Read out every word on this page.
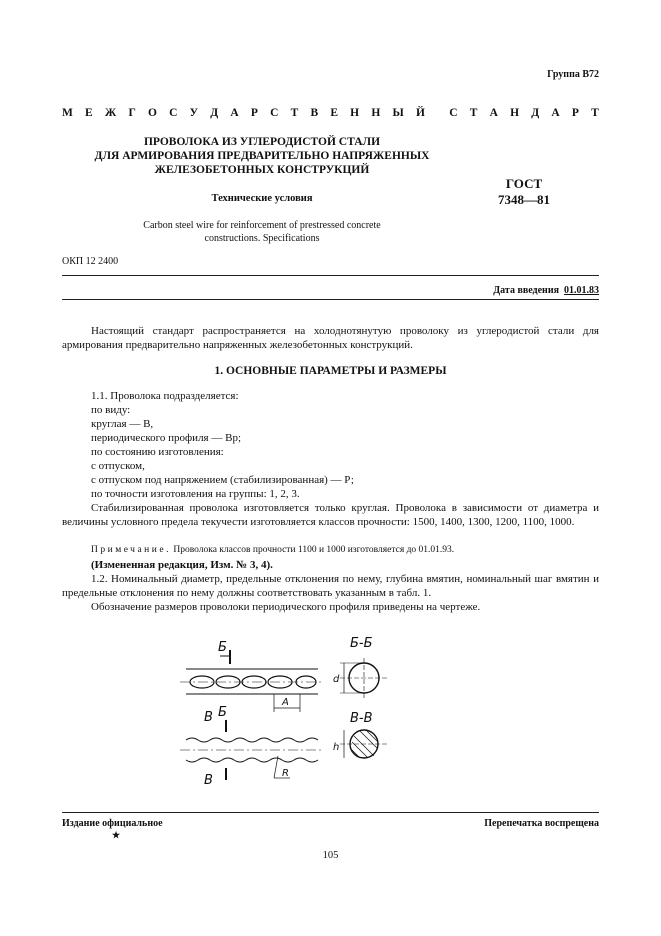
Группа В72
М Е Ж Г О С У Д А Р С Т В Е Н Н Ы Й С Т А Н Д А Р Т
ПРОВОЛОКА ИЗ УГЛЕРОДИСТОЙ СТАЛИ
ДЛЯ АРМИРОВАНИЯ ПРЕДВАРИТЕЛЬНО НАПРЯЖЕННЫХ
ЖЕЛЕЗОБЕТОННЫХ КОНСТРУКЦИЙ
Технические условия
ГОСТ
7348—81
Carbon steel wire for reinforcement of prestressed concrete
constructions. Specifications
ОКП 12 2400
Дата введения 01.01.83
Настоящий стандарт распространяется на холоднотянутую проволоку из углеродистой стали для армирования предварительно напряженных железобетонных конструкций.
1. ОСНОВНЫЕ ПАРАМЕТРЫ И РАЗМЕРЫ
1.1. Проволока подразделяется:
по виду:
круглая — В,
периодического профиля — Вр;
по состоянию изготовления:
с отпуском,
с отпуском под напряжением (стабилизированная) — Р;
по точности изготовления на группы: 1, 2, 3.
Стабилизированная проволока изготовляется только круглая. Проволока в зависимости от диаметра и величины условного предела текучести изготовляется классов прочности: 1500, 1400, 1300, 1200, 1100, 1000.
Примечание. Проволока классов прочности 1100 и 1000 изготовляется до 01.01.93.
(Измененная редакция, Изм. № 3, 4).
1.2. Номинальный диаметр, предельные отклонения по нему, глубина вмятин, номинальный шаг вмятин и предельные отклонения по нему должны соответствовать указанным в табл. 1.
Обозначение размеров проволоки периодического профиля приведены на чертеже.
Б
A
В Б
В	R
Б-Б
d
В-В
h
Издание официальное
★
Перепечатка воспрещена
105
